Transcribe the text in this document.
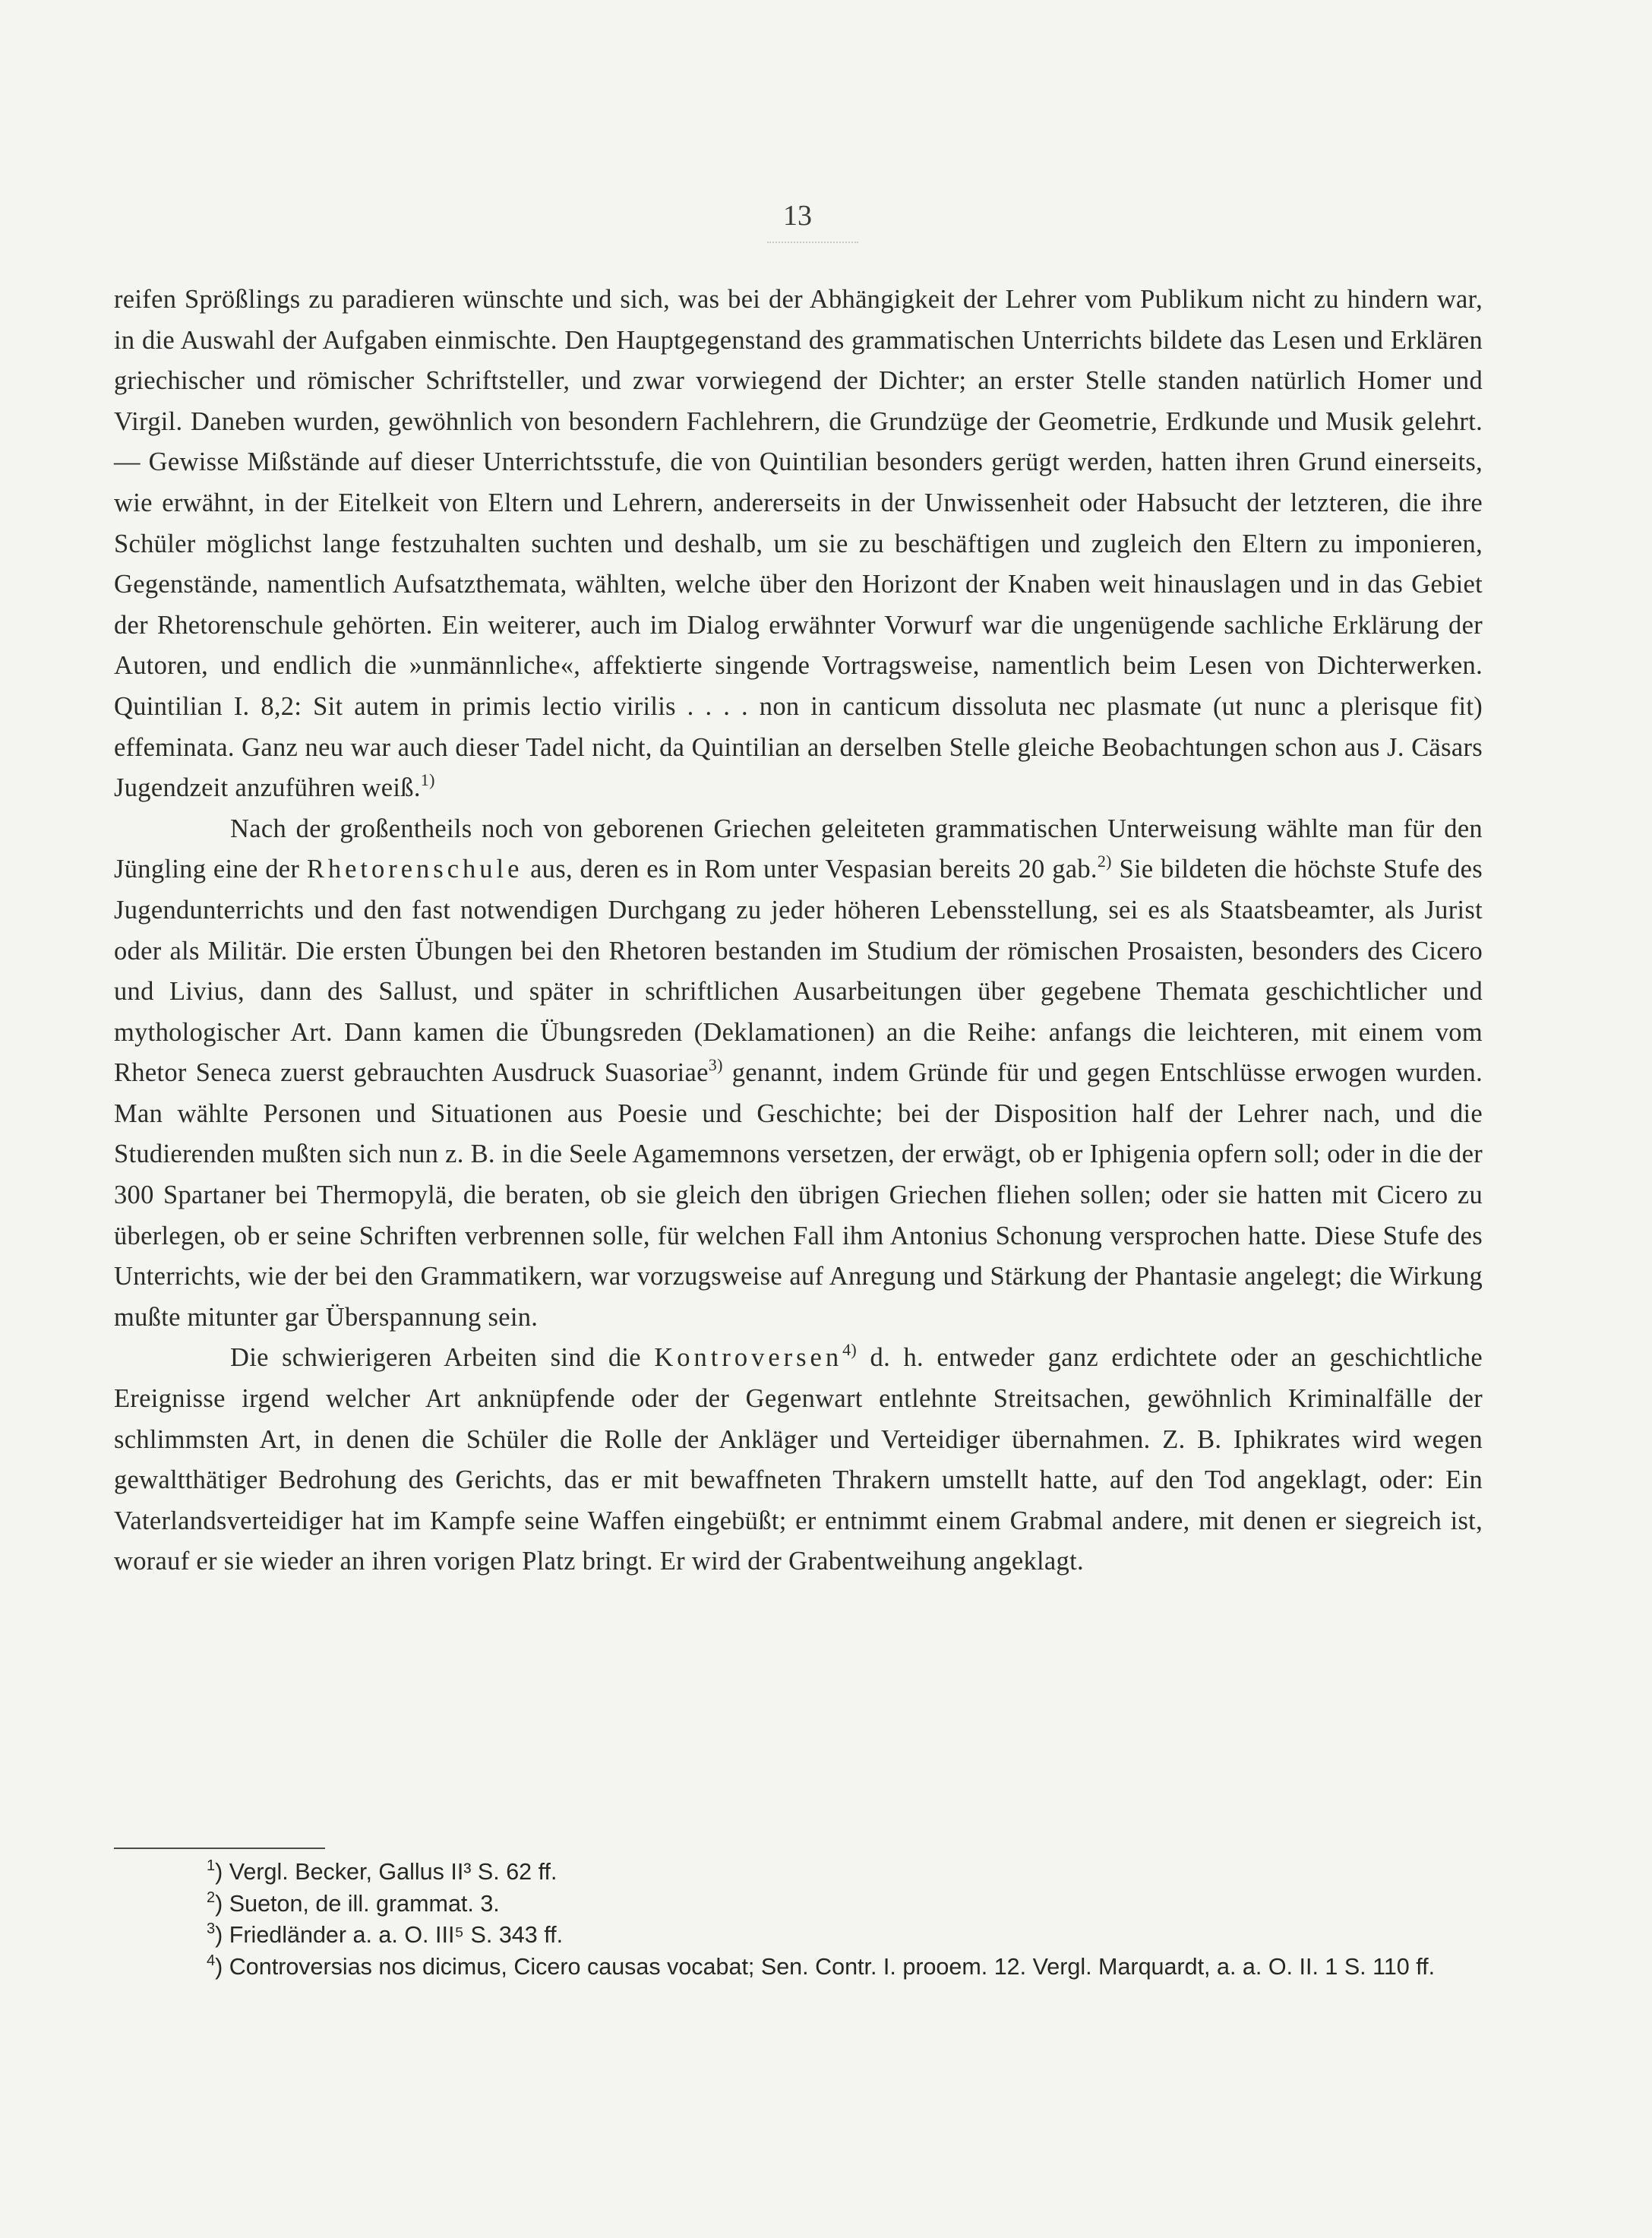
13

reifen Sprößlings zu paradieren wünschte und sich, was bei der Abhängigkeit der Lehrer vom Publikum nicht zu hindern war, in die Auswahl der Aufgaben einmischte. Den Hauptgegenstand des grammatischen Unterrichts bildete das Lesen und Erklären griechischer und römischer Schriftsteller, und zwar vorwiegend der Dichter; an erster Stelle standen natürlich Homer und Virgil. Daneben wurden, gewöhnlich von besondern Fachlehrern, die Grundzüge der Geometrie, Erdkunde und Musik gelehrt. — Gewisse Mißstände auf dieser Unterrichtsstufe, die von Quintilian besonders gerügt werden, hatten ihren Grund einerseits, wie erwähnt, in der Eitelkeit von Eltern und Lehrern, andererseits in der Unwissenheit oder Habsucht der letzteren, die ihre Schüler möglichst lange festzuhalten suchten und deshalb, um sie zu beschäftigen und zugleich den Eltern zu imponieren, Gegenstände, namentlich Aufsatzthemata, wählten, welche über den Horizont der Knaben weit hinauslagen und in das Gebiet der Rhetorenschule gehörten. Ein weiterer, auch im Dialog erwähnter Vorwurf war die ungenügende sachliche Erklärung der Autoren, und endlich die »unmännliche«, affektierte singende Vortragsweise, namentlich beim Lesen von Dichterwerken. Quintilian I. 8,2: Sit autem in primis lectio virilis . . . . non in canticum dissoluta nec plasmate (ut nunc a plerisque fit) effeminata. Ganz neu war auch dieser Tadel nicht, da Quintilian an derselben Stelle gleiche Beobachtungen schon aus J. Cäsars Jugendzeit anzuführen weiß.$^{1)}$

Nach der großentheils noch von geborenen Griechen geleiteten grammatischen Unterweisung wählte man für den Jüngling eine der Rhetorenschule aus, deren es in Rom unter Vespasian bereits 20 gab.$^{2)}$ Sie bildeten die höchste Stufe des Jugendunterrichts und den fast notwendigen Durchgang zu jeder höheren Lebensstellung, sei es als Staatsbeamter, als Jurist oder als Militär. Die ersten Übungen bei den Rhetoren bestanden im Studium der römischen Prosaisten, besonders des Cicero und Livius, dann des Sallust, und später in schriftlichen Ausarbeitungen über gegebene Themata geschichtlicher und mythologischer Art. Dann kamen die Übungsreden (Deklamationen) an die Reihe: anfangs die leichteren, mit einem vom Rhetor Seneca zuerst gebrauchten Ausdruck Suasoriae$^{3)}$ genannt, indem Gründe für und gegen Entschlüsse erwogen wurden. Man wählte Personen und Situationen aus Poesie und Geschichte; bei der Disposition half der Lehrer nach, und die Studierenden mußten sich nun z. B. in die Seele Agamemnons versetzen, der erwägt, ob er Iphigenia opfern soll; oder in die der 300 Spartaner bei Thermopylä, die beraten, ob sie gleich den übrigen Griechen fliehen sollen; oder sie hatten mit Cicero zu überlegen, ob er seine Schriften verbrennen solle, für welchen Fall ihm Antonius Schonung versprochen hatte. Diese Stufe des Unterrichts, wie der bei den Grammatikern, war vorzugsweise auf Anregung und Stärkung der Phantasie angelegt; die Wirkung mußte mitunter gar Überspannung sein.

Die schwierigeren Arbeiten sind die Kontroversen$^{4)}$ d. h. entweder ganz erdichtete oder an geschichtliche Ereignisse irgend welcher Art anknüpfende oder der Gegenwart entlehnte Streitsachen, gewöhnlich Kriminalfälle der schlimmsten Art, in denen die Schüler die Rolle der Ankläger und Verteidiger übernahmen. Z. B. Iphikrates wird wegen gewaltthätiger Bedrohung des Gerichts, das er mit bewaffneten Thrakern umstellt hatte, auf den Tod angeklagt, oder: Ein Vaterlandsverteidiger hat im Kampfe seine Waffen eingebüßt; er entnimmt einem Grabmal andere, mit denen er siegreich ist, worauf er sie wieder an ihren vorigen Platz bringt. Er wird der Grabentweihung angeklagt.

$^1$) Vergl. Becker, Gallus II³ S. 62 ff.

$^2$) Sueton, de ill. grammat. 3.

$^3$) Friedländer a. a. O. III⁵ S. 343 ff.

$^4$) Controversias nos dicimus, Cicero causas vocabat; Sen. Contr. I. prooem. 12. Vergl. Marquardt, a. a. O. II. 1 S. 110 ff.
